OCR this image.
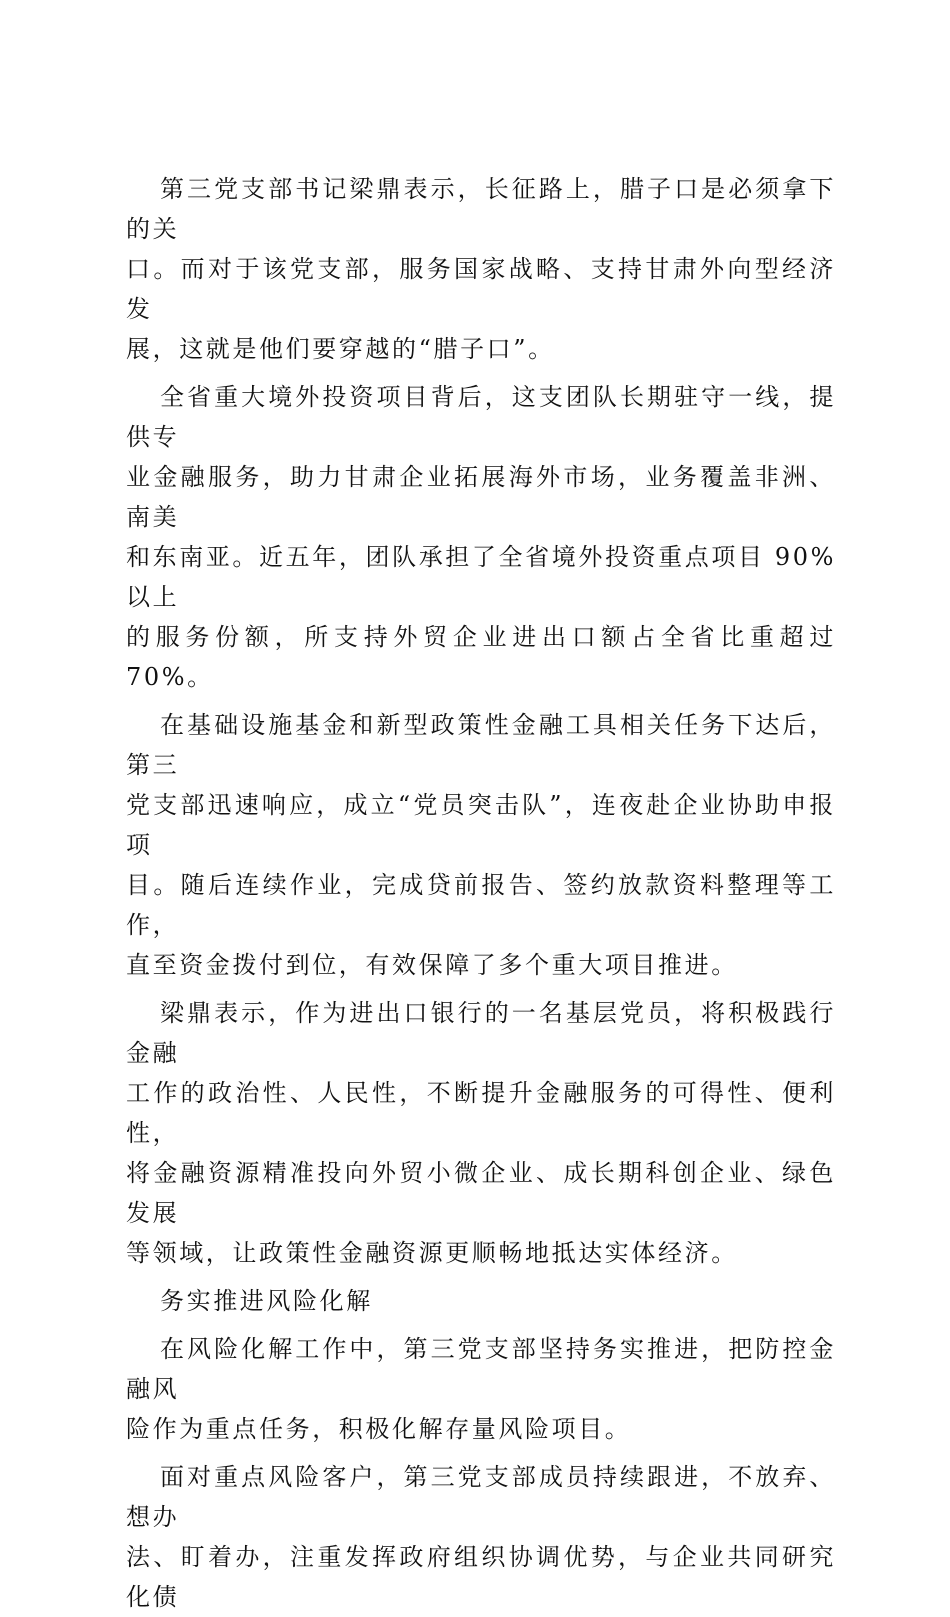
第三党支部书记梁鼎表示，长征路上，腊子口是必须拿下的关
口。而对于该党支部，服务国家战略、支持甘肃外向型经济发
展，这就是他们要穿越的“腊子口”。

全省重大境外投资项目背后，这支团队长期驻守一线，提供专
业金融服务，助力甘肃企业拓展海外市场，业务覆盖非洲、南美
和东南亚。近五年，团队承担了全省境外投资重点项目 90%以上
的服务份额，所支持外贸企业进出口额占全省比重超过 70%。

在基础设施基金和新型政策性金融工具相关任务下达后，第三
党支部迅速响应，成立“党员突击队”，连夜赴企业协助申报项
目。随后连续作业，完成贷前报告、签约放款资料整理等工作，
直至资金拨付到位，有效保障了多个重大项目推进。

梁鼎表示，作为进出口银行的一名基层党员，将积极践行金融
工作的政治性、人民性，不断提升金融服务的可得性、便利性，
将金融资源精准投向外贸小微企业、成长期科创企业、绿色发展
等领域，让政策性金融资源更顺畅地抵达实体经济。

务实推进风险化解

在风险化解工作中，第三党支部坚持务实推进，把防控金融风
险作为重点任务，积极化解存量风险项目。

面对重点风险客户，第三党支部成员持续跟进，不放弃、想办
法、盯着办，注重发挥政府组织协调优势，与企业共同研究化债
